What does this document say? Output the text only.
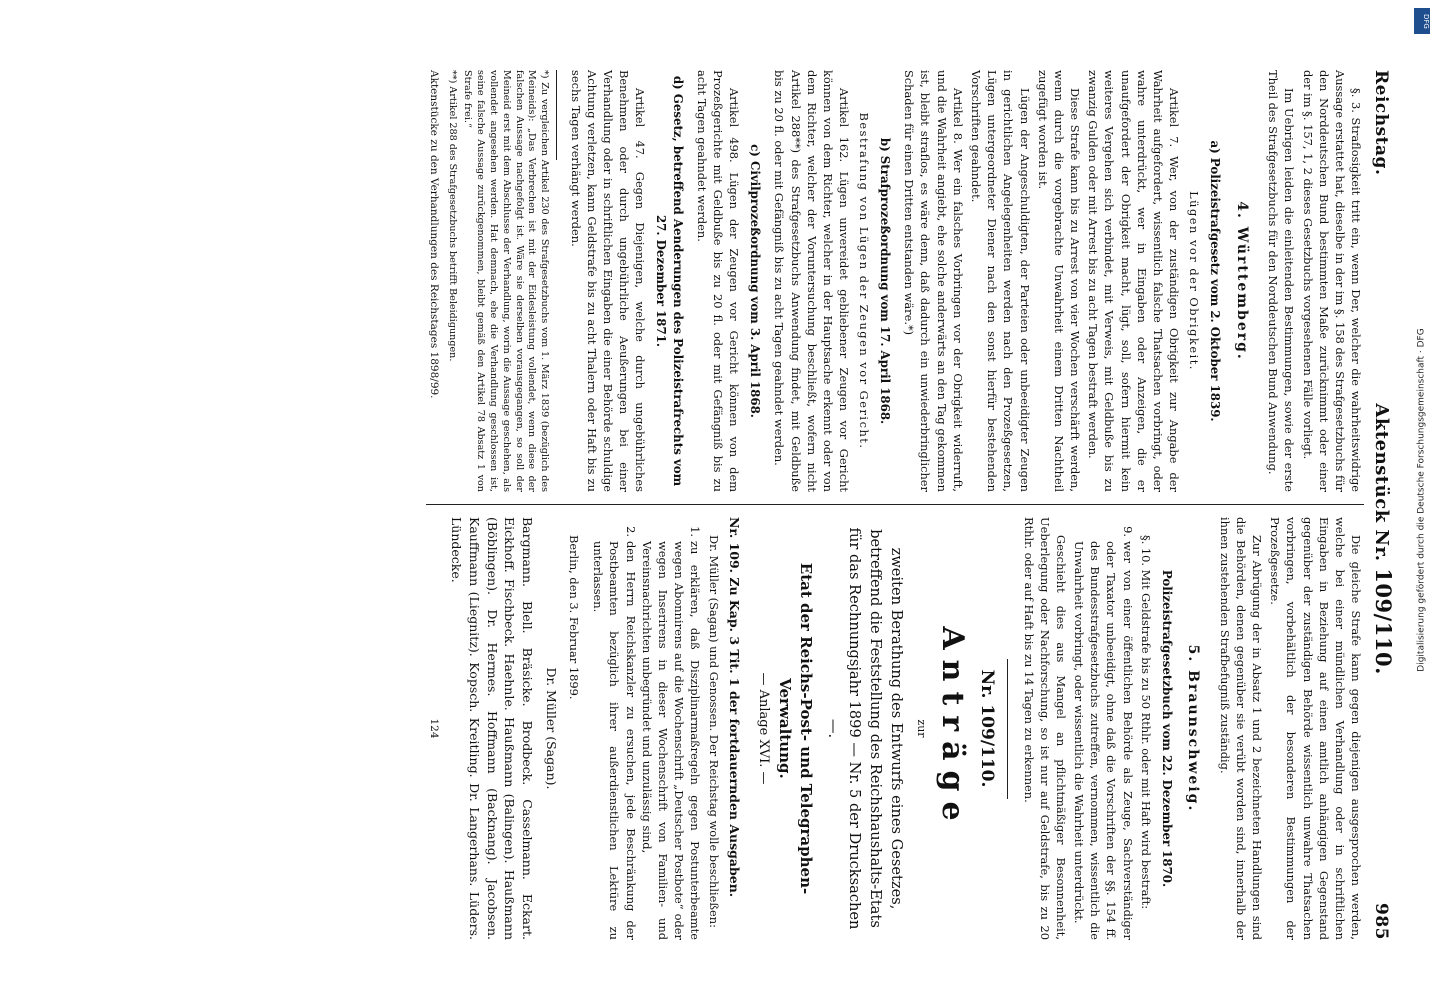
Reichstag.
Aktenstück Nr. 109/110.
985

§. 3. Straflosigkeit tritt ein, wenn Der, welcher die wahrheitswidrige Aussage erstattet hat, dieselbe in der im §. 158 des Strafgesetzbuchs für den Norddeutschen Bund bestimmten Maße zurücknimmt oder einer der im §. 157, 1, 2 dieses Gesetzbuchs vorgesehenen Fälle vorliegt.

Im Uebrigen leiden die einleitenden Bestimmungen, sowie der erste Theil des Strafgesetzbuchs für den Norddeutschen Bund Anwendung.

4. Württemberg.
a) Polizeistrafgesetz vom 2. Oktober 1839.
Lügen vor der Obrigkeit.

Artikel 7. Wer, von der zuständigen Obrigkeit zur Angabe der Wahrheit aufgefordert, wissentlich falsche Thatsachen vorbringt, oder wahre unterdrückt, wer in Eingaben oder Anzeigen, die er unaufgefordert der Obrigkeit macht, lügt, soll, sofern hiermit kein weiteres Vergehen sich verbindet, mit Verweis, mit Geldbuße bis zu zwanzig Gulden oder mit Arrest bis zu acht Tagen bestraft werden.

Diese Strafe kann bis zu Arrest von vier Wochen verschärft werden, wenn durch die vorgebrachte Unwahrheit einem Dritten Nachtheil zugefügt worden ist.

Lügen der Angeschuldigten, der Parteien oder unbeeidigter Zeugen in gerichtlichen Angelegenheiten werden nach den Prozeßgesetzen, Lügen untergeordneter Diener nach den sonst hierfür bestehenden Vorschriften geahndet.

Artikel 8. Wer ein falsches Vorbringen vor der Obrigkeit widerruft, und die Wahrheit angiebt, ehe solche anderwärts an den Tag gekommen ist, bleibt straflos, es wäre denn, daß dadurch ein unwiederbringlicher Schaden für einen Dritten entstanden wäre.*)

b) Strafprozeßordnung vom 17. April 1868.
Bestrafung von Lügen der Zeugen vor Gericht.

Artikel 162. Lügen unvereidet gebliebener Zeugen vor Gericht können von dem Richter, welcher in der Hauptsache erkennt oder von dem Richter, welcher der Voruntersuchung beschließt, wofern nicht Artikel 288**) des Strafgesetzbuchs Anwendung findet, mit Geldbuße bis zu 20 fl. oder mit Gefängniß bis zu acht Tagen geahndet werden.

c) Civilprozeßordnung vom 3. April 1868.

Artikel 498. Lügen der Zeugen vor Gericht können von dem Prozeßgerichte mit Geldbuße bis zu 20 fl. oder mit Gefängniß bis zu acht Tagen geahndet werden.

d) Gesetz, betreffend Aenderungen des Polizeistrafrechts vom 27. Dezember 1871.

Artikel 47. Gegen Diejenigen, welche durch ungebührliches Benehmen oder durch ungebührliche Aeußerungen bei einer Verhandlung oder in schriftlichen Eingaben die einer Behörde schuldige Achtung verletzen, kann Geldstrafe bis zu acht Thalern oder Haft bis zu sechs Tagen verhängt werden.

*) Zu vergleichen Artikel 230 des Strafgesetzbuchs vom 1. März 1839 (bezüglich des Meineids): „Das Verbrechen ist mit der Eidesleistung vollendet, wenn diese der falschen Aussage nachgefolgt ist. Wäre sie derselben vorausgegangen, so soll der Meineid erst mit dem Abschlusse der Verhandlung, worin die Aussage geschehen, als vollendet angesehen werden. Hat demnach, ehe die Verhandlung geschlossen ist, seine falsche Aussage zurückgenommen, bleibt gemäß den Artikel 78 Absatz 1 von Strafe frei.“

**) Artikel 288 des Strafgesetzbuchs betrifft Beleidigungen.

Aktenstücke zu den Verhandlungen des Reichstages 1898/99.

Die gleiche Strafe kann gegen diejenigen ausgesprochen werden, welche bei einer mündlichen Verhandlung oder in schriftlichen Eingaben in Beziehung auf einen amtlich anhängigen Gegenstand gegenüber der zuständigen Behörde wissentlich unwahre Thatsachen vorbringen, vorbehältlich der besonderen Bestimmungen der Prozeßgesetze.

Zur Abrügung der in Absatz 1 und 2 bezeichneten Handlungen sind die Behörden, denen gegenüber sie verübt worden sind, innerhalb der ihnen zustehenden Strafbefugniß zuständig.

5. Braunschweig.
Polizeistrafgesetzbuch vom 22. Dezember 1870.

§. 10. Mit Geldstrafe bis zu 50 Rthlr. oder mit Haft wird bestraft:

9.
wer von einer öffentlichen Behörde als Zeuge, Sachverständiger oder Taxator unbeeidigt, ohne daß die Vorschriften der §§. 154 ff. des Bundesstrafgesetzbuchs zutreffen, vernommen, wissentlich die Unwahrheit vorbringt, oder wissentlich die Wahrheit unterdrückt.

Geschieht dies aus Mangel an pflichtmäßiger Besonnenheit, Ueberlegung oder Nachforschung, so ist nur auf Geldstrafe, bis zu 20 Rthlr. oder auf Haft bis zu 14 Tagen zu erkennen.

Nr. 109/110.
Anträge
zur
zweiten Berathung des Entwurfs eines Gesetzes, betreffend die Feststellung des Reichshaushalts-Etats für das Rechnungsjahr 1899 — Nr. 5 der Drucksachen —.
Etat der Reichs-Post- und Telegraphen-Verwaltung.
— Anlage XVI. —
Nr. 109. Zu Kap. 3 Tit. 1 der fortdauernden Ausgaben.

Dr. Müller (Sagan) und Genossen. Der Reichstag wolle beschließen:

1.
zu erklären, daß Disziplinarmaßregeln gegen Postunterbeamte wegen Abonnirens auf die Wochenschrift „Deutscher Postbote“ oder wegen Inserirens in dieser Wochenschrift von Familien- und Vereinsnachrichten unbegründet und unzulässig sind,
2.
den Herrn Reichskanzler zu ersuchen, jede Beschränkung der Postbeamten bezüglich ihrer außerdienstlichen Lektüre zu unterlassen.

Berlin, den 3. Februar 1899.

Dr. Müller (Sagan).

Bargmann. Blell. Bräsicke. Brodbeck. Casselmann. Eckart. Eickhoff. Fischbeck. Haehnle. Haußmann (Balingen). Haußmann (Böblingen). Dr. Hermes. Hoffmann (Backnang). Jacobsen. Kauffmann (Liegnitz). Kopsch. Kreitling. Dr. Langerhans. Lüders. Lündecke.

124
DFG
Digitalisierung gefördert durch die Deutsche Forschungsgemeinschaft · DFG
